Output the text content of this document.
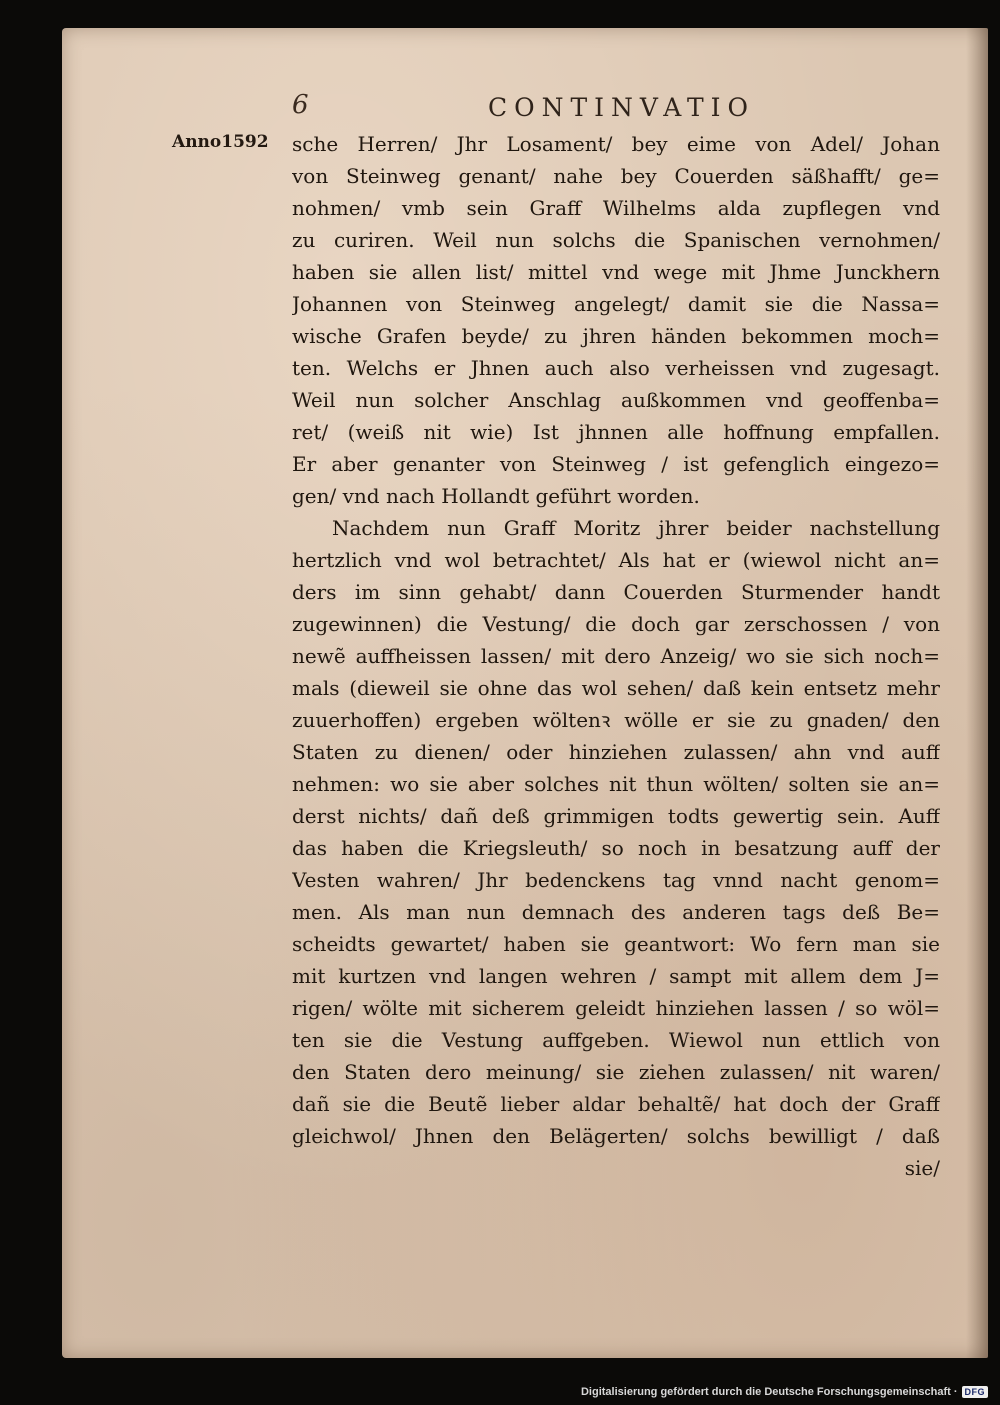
6	CONTINVATIO
Anno1592 sche Herren/ Jhr Losament/ bey eime von Adel/ Johan
von Steinweg genant/ nahe bey Couerden säßhafft/ ge=
nohmen/ vmb sein Graff Wilhelms alda zupflegen vnd
zu curiren. Weil nun solchs die Spanischen vernohmen/
haben sie allen list/ mittel vnd wege mit Jhme Junckhern
Johannen von Steinweg angelegt/ damit sie die Nassa=
wische Grafen beyde/ zu jhren händen bekommen moch=
ten. Welchs er Jhnen auch also verheissen vnd zugesagt.
Weil nun solcher Anschlag außkommen vnd geoffenba=
ret/ (weiß nit wie) Ist jhnnen alle hoffnung empfallen.
Er aber genanter von Steinweg / ist gefenglich eingezo=
gen/ vnd nach Hollandt geführt worden.
Nachdem nun Graff Moritz jhrer beider nachstellung
hertzlich vnd wol betrachtet/ Als hat er (wiewol nicht an=
ders im sinn gehabt/ dann Couerden Sturmender handt
zugewinnen) die Vestung/ die doch gar zerschossen / von
newẽ auffheissen lassen/ mit dero Anzeig/ wo sie sich noch=
mals (dieweil sie ohne das wol sehen/ daß kein entsetz mehr
zuuerhoffen) ergeben wöltenꝛ wölle er sie zu gnaden/ den
Staten zu dienen/ oder hinziehen zulassen/ ahn vnd auff
nehmen: wo sie aber solches nit thun wölten/ solten sie an=
derst nichts/ dañ deß grimmigen todts gewertig sein. Auff
das haben die Kriegsleuth/ so noch in besatzung auff der
Vesten wahren/ Jhr bedenckens tag vnnd nacht genom=
men. Als man nun demnach des anderen tags deß Be=
scheidts gewartet/ haben sie geantwort: Wo fern man sie
mit kurtzen vnd langen wehren / sampt mit allem dem J=
rigen/ wölte mit sicherem geleidt hinziehen lassen / so wöl=
ten sie die Vestung auffgeben. Wiewol nun ettlich von
den Staten dero meinung/ sie ziehen zulassen/ nit waren/
dañ sie die Beutẽ lieber aldar behaltẽ/ hat doch der Graff
gleichwol/ Jhnen den Belägerten/ solchs bewilligt / daß
sie/
Digitalisierung gefördert durch die Deutsche Forschungsgemeinschaft · DFG
